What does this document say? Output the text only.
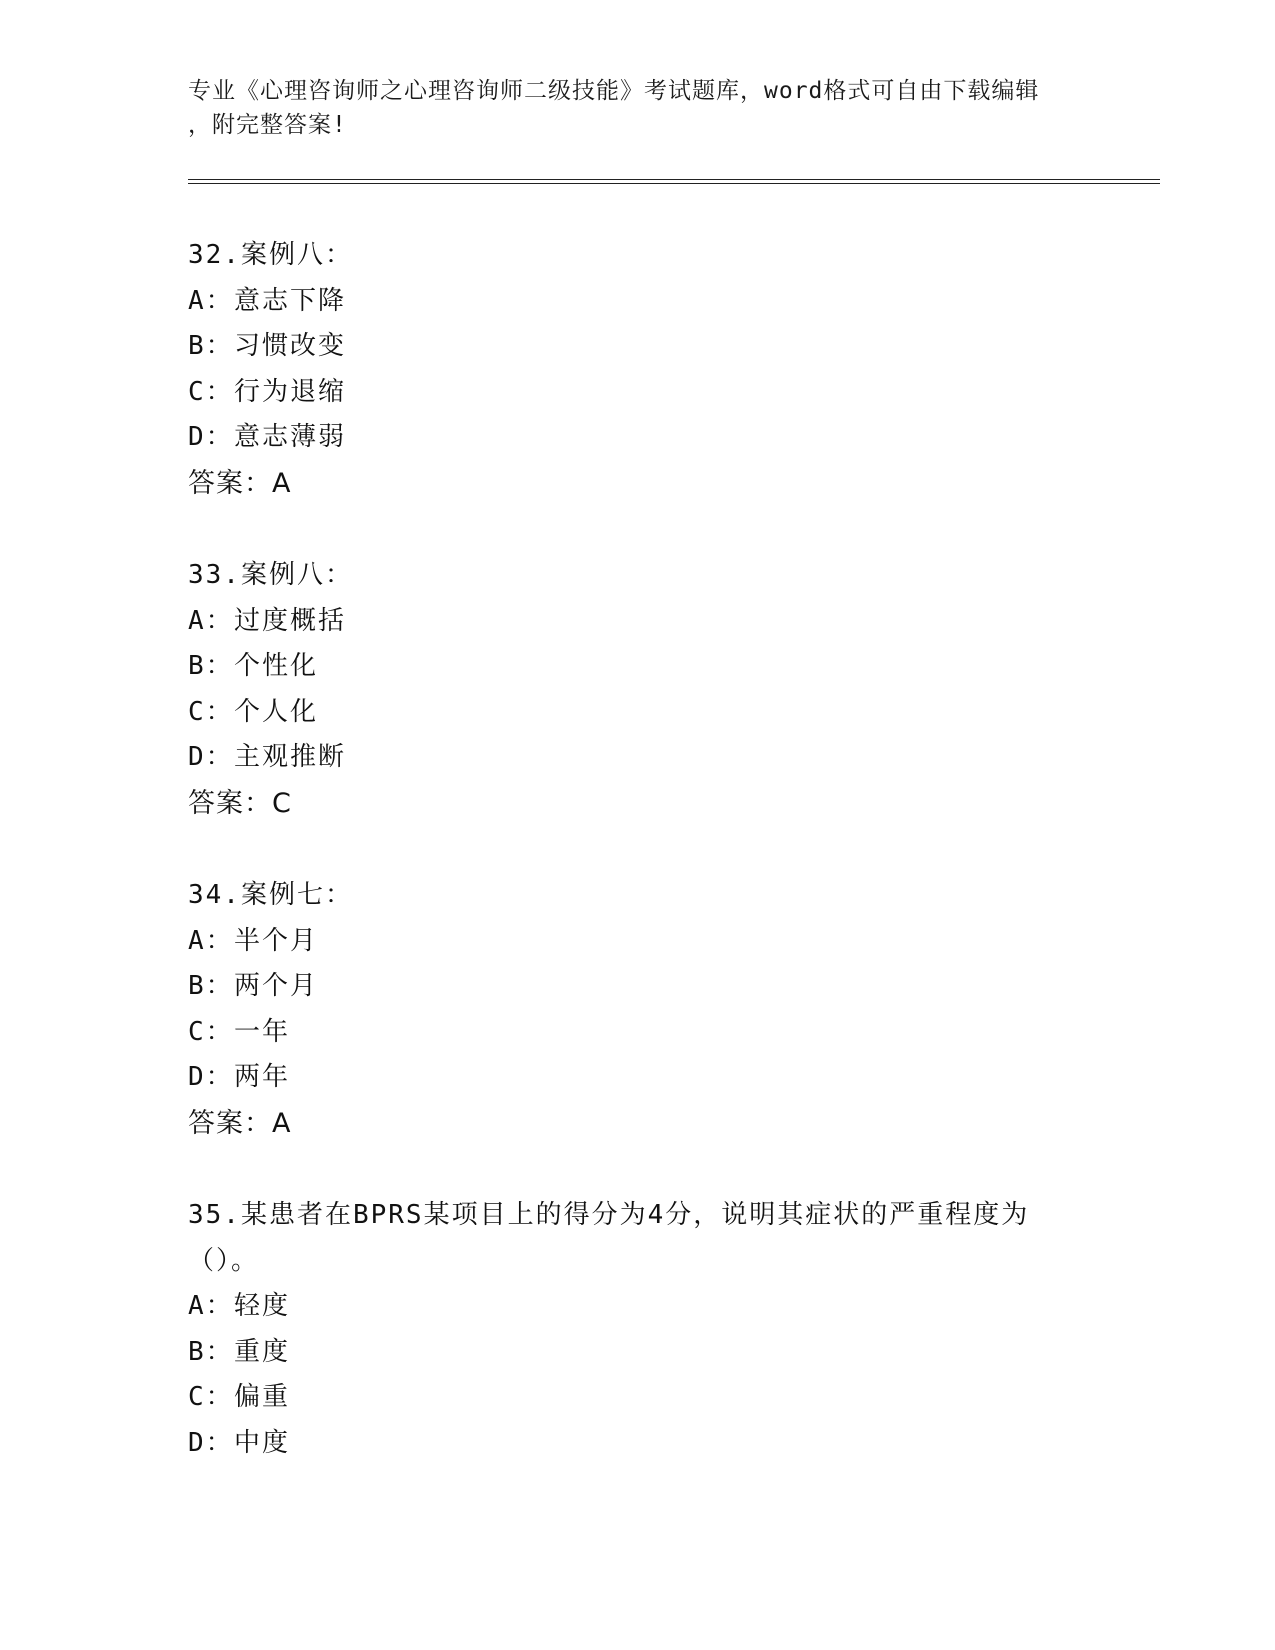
专业《心理咨询师之心理咨询师二级技能》考试题库，word格式可自由下载编辑
，附完整答案!
32.案例八：
A：意志下降
B：习惯改变
C：行为退缩
D：意志薄弱
答案：A
33.案例八：
A：过度概括
B：个性化
C：个人化
D：主观推断
答案：C
34.案例七：
A：半个月
B：两个月
C：一年
D：两年
答案：A
35.某患者在BPRS某项目上的得分为4分，说明其症状的严重程度为
（）。
A：轻度
B：重度
C：偏重
D：中度
